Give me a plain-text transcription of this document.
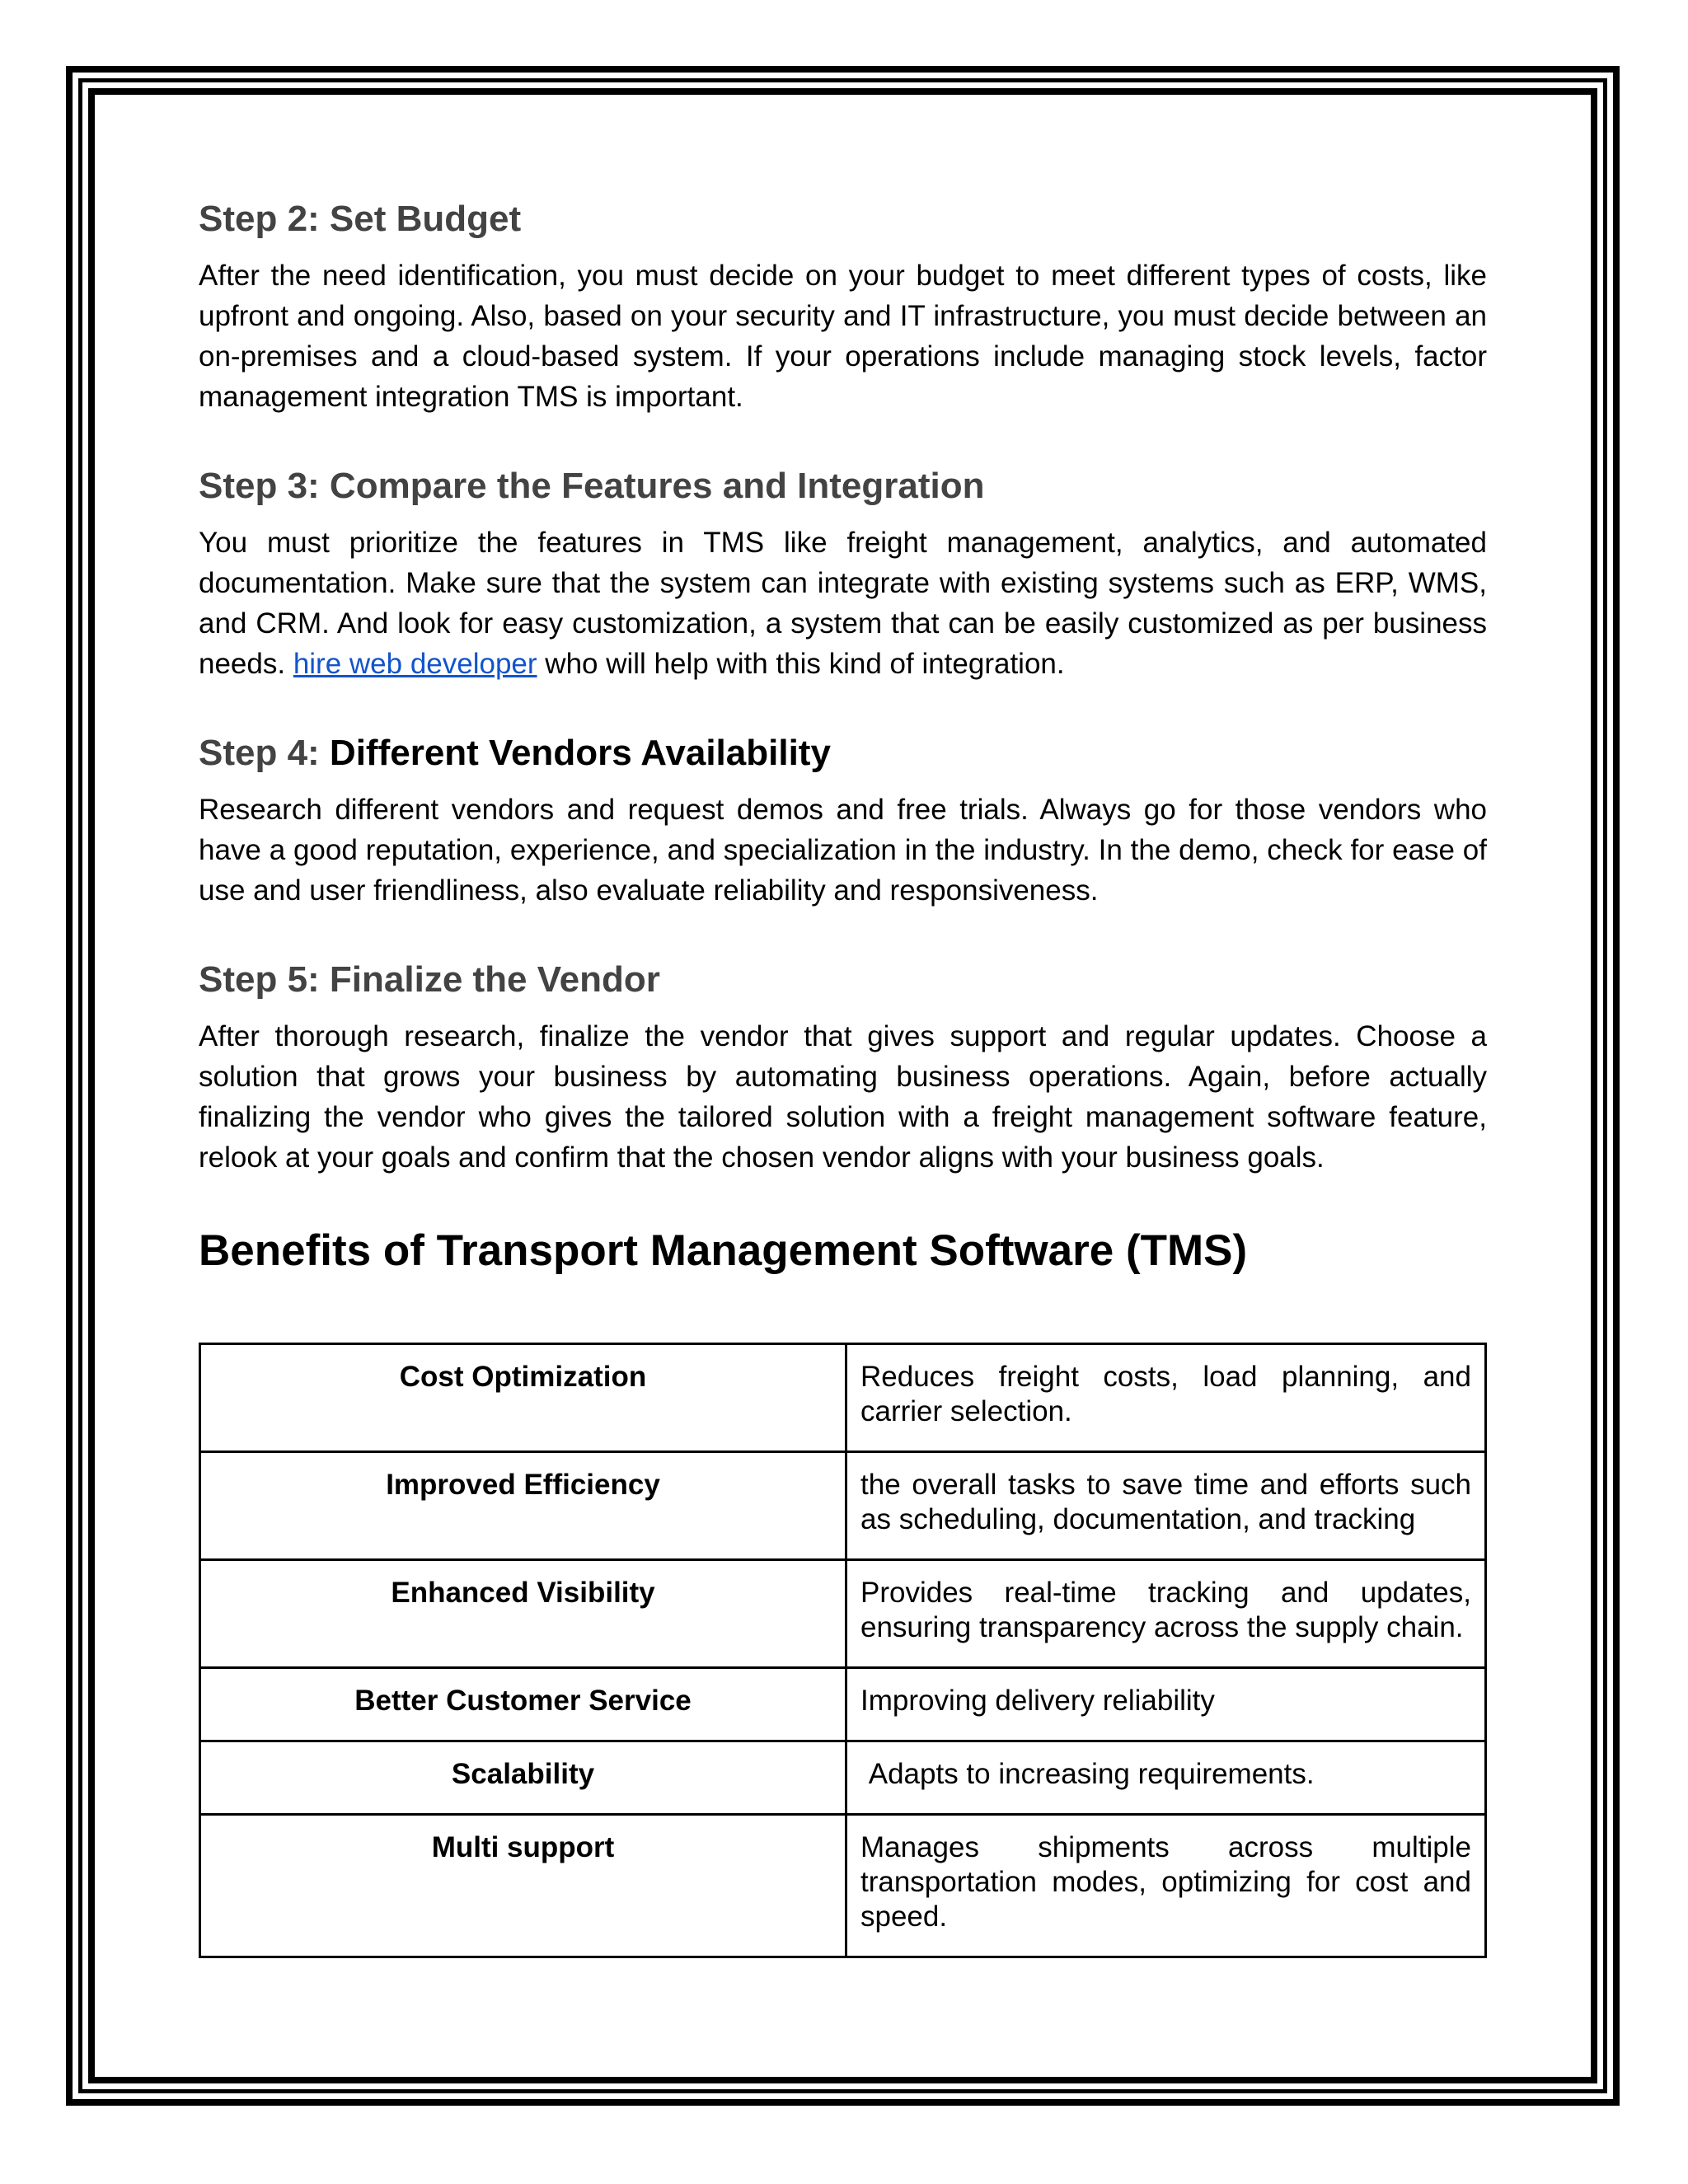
Step 2: Set Budget

After the need identification, you must decide on your budget to meet different types of costs, like upfront and ongoing. Also, based on your security and IT infrastructure, you must decide between an on-premises and a cloud-based system. If your operations include managing stock levels, factor management integration TMS is important.

Step 3: Compare the Features and Integration

You must prioritize the features in TMS like freight management, analytics, and automated documentation. Make sure that the system can integrate with existing systems such as ERP, WMS, and CRM. And look for easy customization, a system that can be easily customized as per business needs. hire web developer who will help with this kind of integration.

Step 4: Different Vendors Availability

Research different vendors and request demos and free trials. Always go for those vendors who have a good reputation, experience, and specialization in the industry. In the demo, check for ease of use and user friendliness, also evaluate reliability and responsiveness.

Step 5: Finalize the Vendor

After thorough research, finalize the vendor that gives support and regular updates. Choose a solution that grows your business by automating business operations. Again, before actually finalizing the vendor who gives the tailored solution with a freight management software feature, relook at your goals and confirm that the chosen vendor aligns with your business goals.

Benefits of Transport Management Software (TMS)
Cost Optimization	Reduces freight costs, load planning, and carrier selection.
Improved Efficiency	the overall tasks to save time and efforts such as scheduling, documentation, and tracking
Enhanced Visibility	Provides real-time tracking and updates, ensuring transparency across the supply chain.
Better Customer Service	Improving delivery reliability
Scalability	Adapts to increasing requirements.
Multi support	Manages shipments across multiple transportation modes, optimizing for cost and speed.
